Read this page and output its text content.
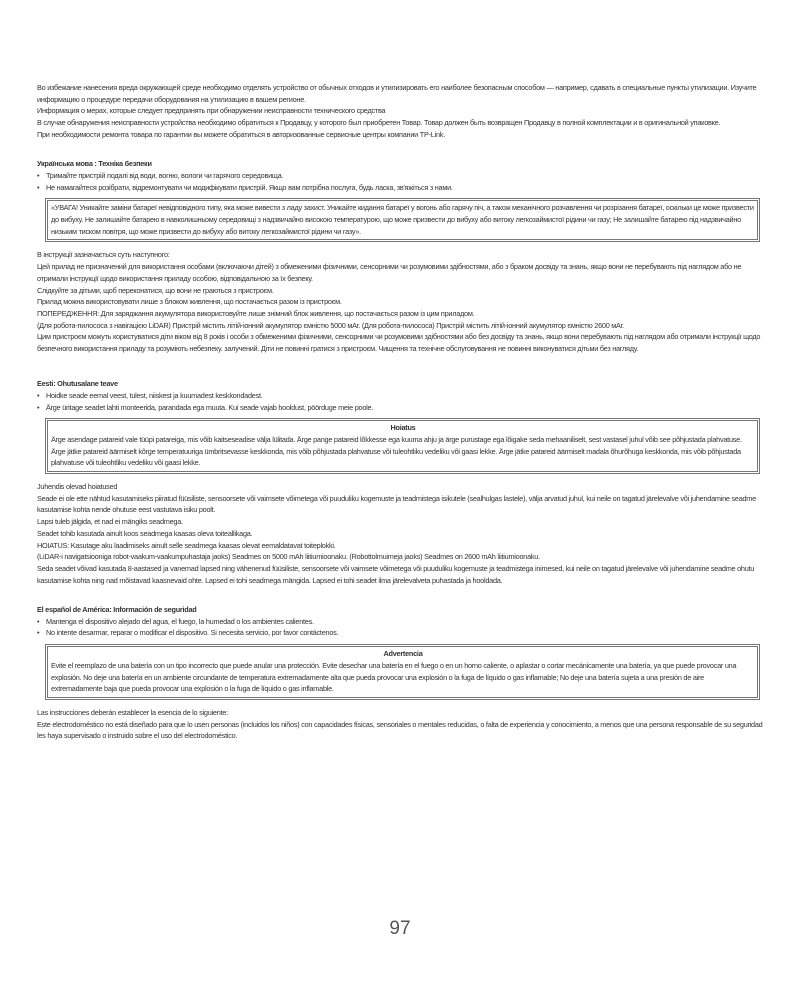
Во избежание нанесения вреда окружающей среде необходимо отделять устройство от обычных отходов и утилизировать его наиболее безопасным способом — например, сдавать в специальные пункты утилизации. Изучите информацию о процедуре передачи оборудования на утилизацию в вашем регионе.

Информация о мерах, которые следует предпринять при обнаружении неисправности технического средства

В случае обнаружения неисправности устройства необходимо обратиться к Продавцу, у которого был приобретен Товар. Товар должен быть возвращен Продавцу в полной комплектации и в оригинальной упаковке.

При необходимости ремонта товара по гарантии вы можете обратиться в авторизованные сервисные центры компании TP-Link.

Українська мова : Техніка безпеки

• Тримайте пристрій подалі від води, вогню, вологи чи гарячого середовища.
• Не намагайтеся розібрати, відремонтувати чи модифікувати пристрій. Якщо вам потрібна послуга, будь ласка, зв'яжіться з нами.

«УВАГА! Уникайте заміни батареї невідповідного типу, яка може вивести з ладу захист. Уникайте кидання батареї у вогонь або гарячу піч, а також механічного розчавлення чи розрізання батареї, оскільки це може призвести до вибуху. Не залишайте батарею в навколишньому середовищі з надзвичайно високою температурою, що може призвести до вибуху або витоку легкозаймистої рідини чи газу; Не залишайте батарею під надзвичайно низьким тиском повітря, що може призвести до вибуху або витоку легкозаймистої рідини чи газу».

В інструкції зазначається суть наступного:

Цей прилад не призначений для використання особами (включаючи дітей) з обмеженими фізичними, сенсорними чи розумовими здібностями, або з браком досвіду та знань, якщо вони не перебувають під наглядом або не отримали інструкції щодо використання приладу особою, відповідальною за їх безпеку.

Слідкуйте за дітьми, щоб переконатися, що вони не граються з пристроєм.

Прилад можна використовувати лише з блоком живлення, що постачається разом із пристроєм.

ПОПЕРЕДЖЕННЯ: Для заряджання акумулятора використовуйте лише знімний блок живлення, що постачається разом із цим приладом.

(Для робота-пилососа з навігацією LiDAR) Пристрій містить літій-іонний акумулятор ємністю 5000 мАг. (Для робота-пилососа) Пристрій містить літій-іонний акумулятор ємністю 2600 мАг.

Цим пристроєм можуть користуватися діти віком від 8 років і особи з обмеженими фізичними, сенсорними чи розумовими здібностями або без досвіду та знань, якщо вони перебувають під наглядом або отримали інструкції щодо безпечного використання приладу та розуміють небезпеку. залучений. Діти не повинні гратися з пристроєм. Чищення та технічне обслуговування не повинні виконуватися дітьми без нагляду.

Eesti: Ohutusalane teave

• Hoidke seade eemal veest, tulest, niiskest ja kuumadest keskkondadest.
• Ärge üritage seadet lahti monteerida, parandada ega muuta. Kui seade vajab hooldust, pöörduge meie poole.

Hoiatus

Ärge asendage patareid vale tüüpi patareiga, mis võib kaitseseadise välja lülitada. Ärge pange patareid lõkkesse ega kuuma ahju ja ärge purustage ega lõigake seda mehaaniliselt, sest vastasel juhul võib see põhjustada plahvatuse. Ärge jätke patareid äärmiselt kõrge temperatuuriga ümbritsevasse keskkonda, mis võib põhjustada plahvatuse või tuleohtliku vedeliku või gaasi lekke. Ärge jätke patareid äärmiselt madala õhurõhuga keskkonda, mis võib põhjustada plahvatuse või tuleohtliku vedeliku või gaasi lekke.

Juhendis olevad hoiatused

Seade ei ole ette nähtud kasutamiseks piiratud füüsiliste, sensoorsete või vaimsete võimetega või puuduliku kogemuste ja teadmistega isikutele (sealhulgas lastele), välja arvatud juhul, kui neile on tagatud järelevalve või juhendamine seadme kasutamise kohta nende ohutuse eest vastutava isiku poolt.

Lapsi tuleb jälgida, et nad ei mängiks seadmega.

Seadet tohib kasutada ainult koos seadmega kaasas oleva toiteallikaga.

HOIATUS: Kasutage aku laadimiseks ainult selle seadmega kaasas olevat eemaldatavat toiteplokki.

(LiDAR-i navigatsiooniga robot-vaakum-vaakumpuhastaja jaoks) Seadmes on 5000 mAh liitiumioonaku. (Robottolmuimeja jaoks) Seadmes on 2600 mAh liitiumioonaku.

Seda seadet võivad kasutada 8-aastased ja vanemad lapsed ning vähenenud füüsiliste, sensoorsete või vaimsete võimetega või puuduliku kogemuste ja teadmistega inimesed, kui neile on tagatud järelevalve või juhendamine seadme ohutu kasutamise kohta ning nad mõistavad kaasnevaid ohte. Lapsed ei tohi seadmega mängida. Lapsed ei tohi seadet ilma järelevalveta puhastada ja hooldada.

El español de América: Información de seguridad

• Mantenga el dispositivo alejado del agua, el fuego, la humedad o los ambientes calientes.
• No intente desarmar, reparar o modificar el dispositivo. Si necesita servicio, por favor contáctenos.

Advertencia

Evite el reemplazo de una batería con un tipo incorrecto que puede anular una protección. Evite desechar una batería en el fuego o en un horno caliente, o aplastar o cortar mecánicamente una batería, ya que puede provocar una explosión. No deje una batería en un ambiente circundante de temperatura extremadamente alta que pueda provocar una explosión o la fuga de líquido o gas inflamable; No deje una batería sujeta a una presión de aire extremadamente baja que pueda provocar una explosión o la fuga de líquido o gas inflamable.

Las instrucciones deberán establecer la esencia de lo siguiente:

Este electrodoméstico no está diseñado para que lo usen personas (incluidos los niños) con capacidades físicas, sensoriales o mentales reducidas, o falta de experiencia y conocimiento, a menos que una persona responsable de su seguridad les haya supervisado o instruido sobre el uso del electrodoméstico.

97
